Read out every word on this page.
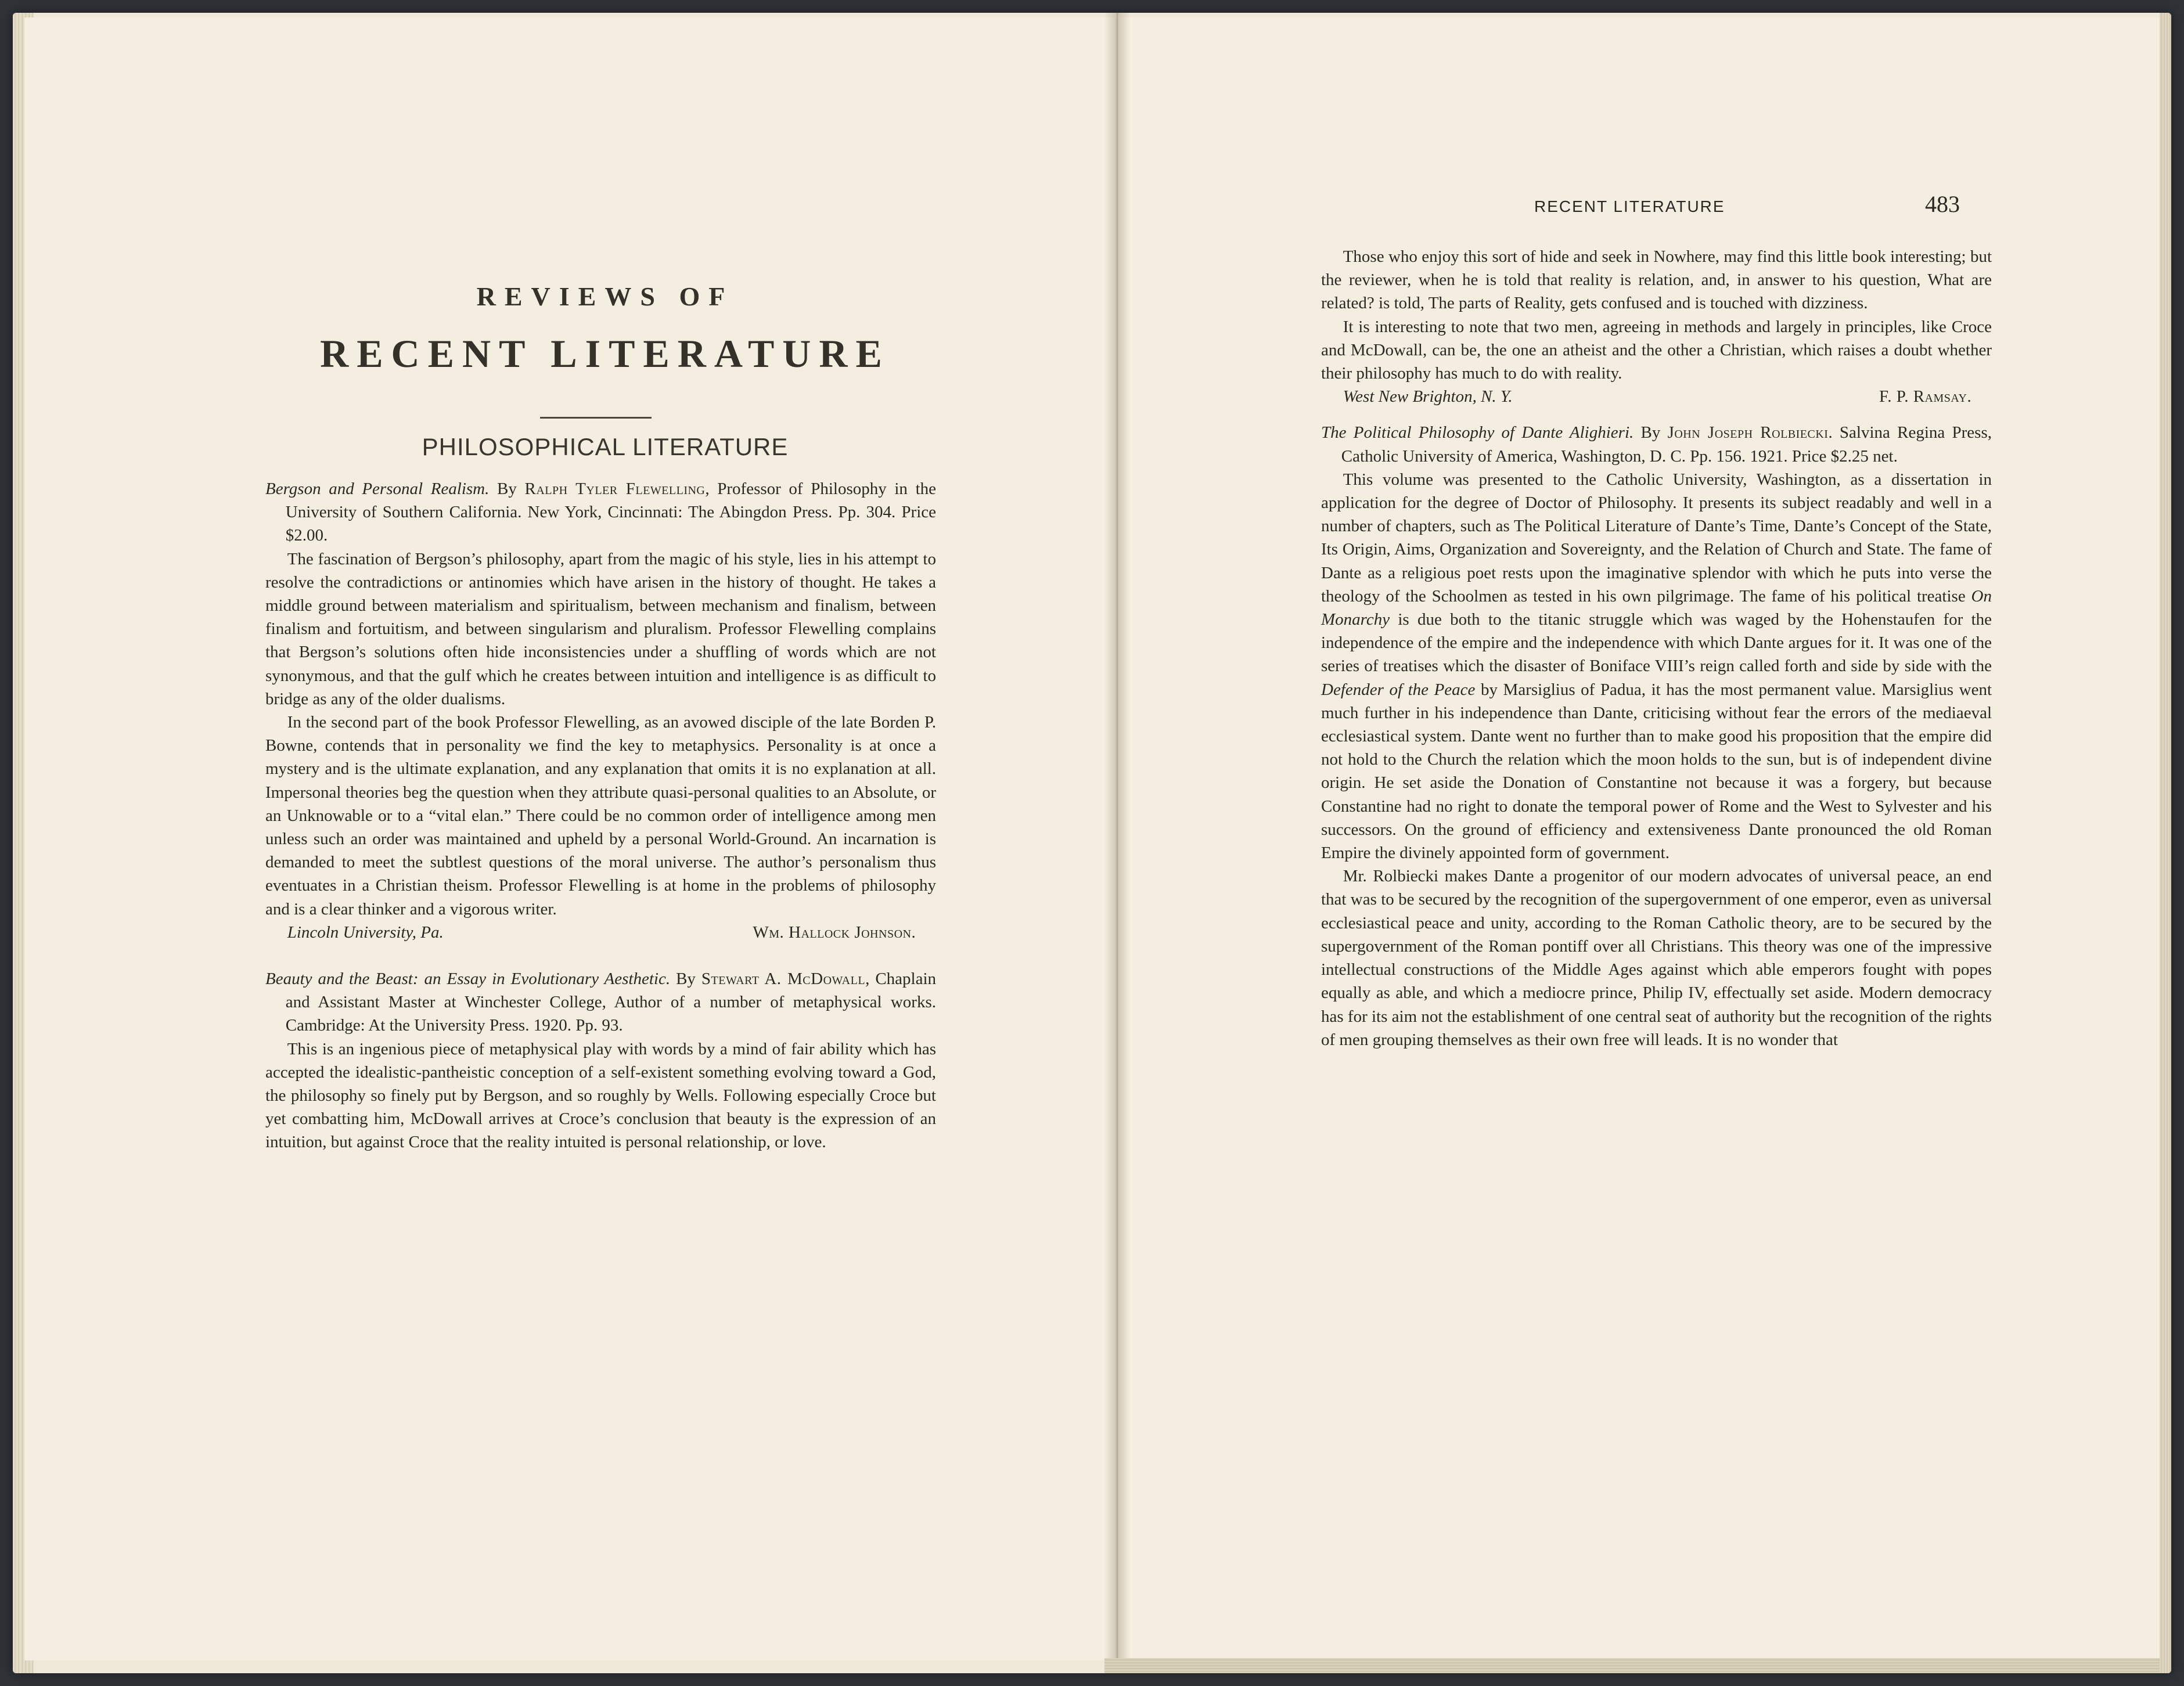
REVIEWS OF
RECENT LITERATURE
PHILOSOPHICAL LITERATURE

Bergson and Personal Realism. By Ralph Tyler Flewelling, Professor of Philosophy in the University of Southern California. New York, Cincinnati: The Abingdon Press. Pp. 304. Price $2.00.

The fascination of Bergson’s philosophy, apart from the magic of his style, lies in his attempt to resolve the contradictions or antinomies which have arisen in the history of thought. He takes a middle ground between materialism and spiritualism, between mechanism and finalism, between finalism and fortuitism, and between singularism and pluralism. Professor Flewelling complains that Bergson’s solutions often hide inconsistencies under a shuffling of words which are not synonymous, and that the gulf which he creates between intuition and intelligence is as difficult to bridge as any of the older dualisms.

In the second part of the book Professor Flewelling, as an avowed disciple of the late Borden P. Bowne, contends that in personality we find the key to metaphysics. Personality is at once a mystery and is the ultimate explanation, and any explanation that omits it is no explanation at all. Impersonal theories beg the question when they attribute quasi-personal qualities to an Absolute, or an Unknowable or to a “vital elan.” There could be no common order of intelligence among men unless such an order was maintained and upheld by a personal World-Ground. An incarnation is demanded to meet the subtlest questions of the moral universe. The author’s personalism thus eventuates in a Christian theism. Professor Flewelling is at home in the problems of philosophy and is a clear thinker and a vigorous writer.

Lincoln University, Pa.	Wm. Hallock Johnson.

Beauty and the Beast: an Essay in Evolutionary Aesthetic. By Stewart A. McDowall, Chaplain and Assistant Master at Winchester College, Author of a number of metaphysical works. Cambridge: At the University Press. 1920. Pp. 93.

This is an ingenious piece of metaphysical play with words by a mind of fair ability which has accepted the idealistic-pantheistic conception of a self-existent something evolving toward a God, the philosophy so finely put by Bergson, and so roughly by Wells. Following especially Croce but yet combatting him, McDowall arrives at Croce’s conclusion that beauty is the expression of an intuition, but against Croce that the reality intuited is personal relationship, or love.

RECENT LITERATURE	483

Those who enjoy this sort of hide and seek in Nowhere, may find this little book interesting; but the reviewer, when he is told that reality is relation, and, in answer to his question, What are related? is told, The parts of Reality, gets confused and is touched with dizziness.

It is interesting to note that two men, agreeing in methods and largely in principles, like Croce and McDowall, can be, the one an atheist and the other a Christian, which raises a doubt whether their philosophy has much to do with reality.

West New Brighton, N. Y.	F. P. Ramsay.

The Political Philosophy of Dante Alighieri. By John Joseph Rolbiecki. Salvina Regina Press, Catholic University of America, Washington, D. C. Pp. 156. 1921. Price $2.25 net.

This volume was presented to the Catholic University, Washington, as a dissertation in application for the degree of Doctor of Philosophy. It presents its subject readably and well in a number of chapters, such as The Political Literature of Dante’s Time, Dante’s Concept of the State, Its Origin, Aims, Organization and Sovereignty, and the Relation of Church and State. The fame of Dante as a religious poet rests upon the imaginative splendor with which he puts into verse the theology of the Schoolmen as tested in his own pilgrimage. The fame of his political treatise On Monarchy is due both to the titanic struggle which was waged by the Hohenstaufen for the independence of the empire and the independence with which Dante argues for it. It was one of the series of treatises which the disaster of Boniface VIII’s reign called forth and side by side with the Defender of the Peace by Marsiglius of Padua, it has the most permanent value. Marsiglius went much further in his independence than Dante, criticising without fear the errors of the mediaeval ecclesiastical system. Dante went no further than to make good his proposition that the empire did not hold to the Church the relation which the moon holds to the sun, but is of independent divine origin. He set aside the Donation of Constantine not because it was a forgery, but because Constantine had no right to donate the temporal power of Rome and the West to Sylvester and his successors. On the ground of efficiency and extensiveness Dante pronounced the old Roman Empire the divinely appointed form of government.

Mr. Rolbiecki makes Dante a progenitor of our modern advocates of universal peace, an end that was to be secured by the recognition of the supergovernment of one emperor, even as universal ecclesiastical peace and unity, according to the Roman Catholic theory, are to be secured by the supergovernment of the Roman pontiff over all Christians. This theory was one of the impressive intellectual constructions of the Middle Ages against which able emperors fought with popes equally as able, and which a mediocre prince, Philip IV, effectually set aside. Modern democracy has for its aim not the establishment of one central seat of authority but the recognition of the rights of men grouping themselves as their own free will leads. It is no wonder that
